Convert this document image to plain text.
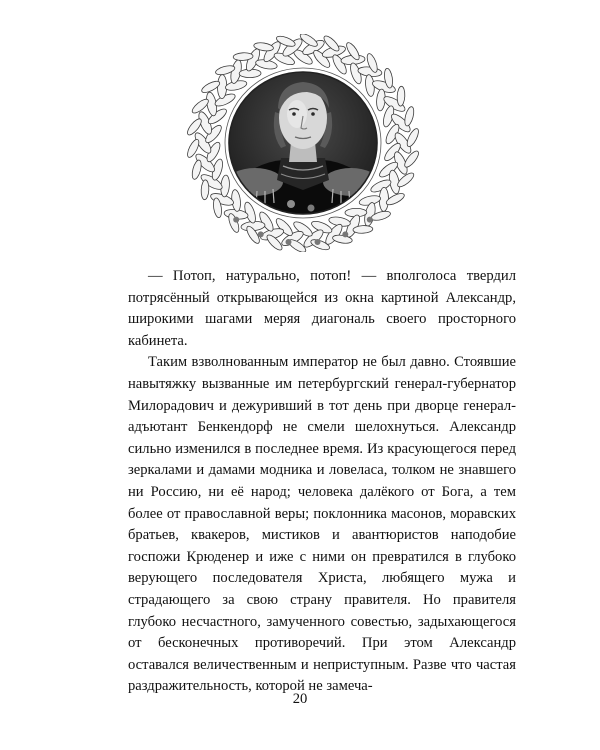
— Потоп, натурально, потоп! — вполголоса твердил потрясённый открывающейся из окна картиной Александр, широкими шагами меряя диагональ своего просторного кабинета.

Таким взволнованным император не был давно. Стоявшие навытяжку вызванные им петербургский генерал-губернатор Милорадович и дежуривший в тот день при дворце генерал-адъютант Бенкендорф не смели шелохнуться. Александр сильно изменился в последнее время. Из красующегося перед зеркалами и дамами модника и ловеласа, толком не знавшего ни Россию, ни её народ; человека далёкого от Бога, а тем более от православной веры; поклонника масонов, моравских братьев, квакеров, мистиков и авантюристов наподобие госпожи Крюденер и иже с ними он превратился в глубоко верующего последователя Христа, любящего мужа и страдающего за свою страну правителя. Но правителя глубоко несчастного, замученного совестью, задыхающегося от бесконечных противоречий. При этом Александр оставался величественным и неприступным. Разве что частая раздражительность, которой не замеча-

20
